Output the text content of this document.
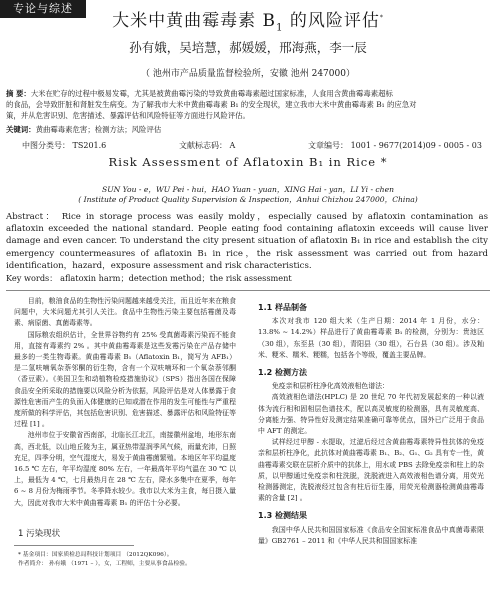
专论与综述
大米中黄曲霉毒素 $B_1$ 的风险评估*
孙有娥，吴培慧，郝媛媛，邢海燕，李一辰
（ 池州市产品质量监督检验所，安徽 池州 247000）
摘 要：大米在贮存的过程中极易发霉，尤其是被黄曲霉污染的导致黄曲霉毒素超过国家标准，人食用含黄曲霉毒素超标
的食品，会导致肝脏和肾脏发生病变。为了解我市大米中黄曲霉毒素 B₁ 的安全现状，建立我市大米中黄曲霉毒素 B₁ 的应急对
策，并从危害识别、危害描述、暴露评估和风险特征等方面进行风险评估。
关键词：黄曲霉毒素危害；检测方法；风险评估
中图分类号： TS201.6	文献标志码： A	文章编号： 1001 - 9677(2014)09 - 0005 - 03
Risk Assessment of Aflatoxin B₁ in Rice *
SUN You - e，WU Pei - hui，HAO Yuan - yuan，XING Hai - yan，LI Yi - chen
( Institute of Product Quality Supervision & Inspection，Anhui Chizhou 247000，China)
Abstract： Rice in storage process was easily moldy，especially caused by aflatoxin contamination as aflatoxin exceeded the national standard. People eating food containing aflatoxin exceeds will cause liver damage and even cancer. To understand the city present situation of aflatoxin B₁ in rice and establish the city emergency countermeasures of aflatoxin B₁ in rice，the risk assessment was carried out from hazard identification，hazard，exposure assessment and risk characteristics.
Key words： aflatoxin harm；detection method；the risk assessment
目前，粮油食品的生物性污染问题越来越受关注，而且近年来在粮食问题中，大米问题尤其引人关注。食品中生物性污染主要包括霉菌及毒素、病原菌、真菌毒素等。
国际粮农组织估计，全世界谷物约有 25% 受真菌毒素污染而不能食用，直接有毒素约 2% 。其中黄曲霉毒素是这些发霉污染在产品存储中最多的一类生物毒素。黄曲霉毒素 B₁（Aflatoxin B₁，简写为 AFB₁）是二氢呋喃氧杂萘邻酮的衍生物，含有一个双呋喃环和一个氧杂萘邻酮（香豆素）。《美国卫生和动植物检疫措施协议》（SPS）指出各国在保障食品安全所采取的措施要以风险分析为依据，风险评估是对人体暴露于食源性危害而产生的负面人体健康的已知或潜在作用的发生可能性与严重程度所做的科学评估，其包括危害识别、危害描述、暴露评估和风险特征等过程 [1] 。
池州市位于安徽省西南部，北临长江北江，南接徽州盆地，地形东南高，西北低，以山地丘陵为主，属亚热带湿润季风气候，雨量充沛，日照充足，四季分明，空气湿度大，易发于黄曲霉菌繁殖。本地区年平均温度 16.5 ℃ 左右，年平均湿度 80% 左右，一年最高年平均气温在 30 ℃ 以上，最低为 4 ℃，七月最热月在 28 ℃ 左右，降水多集中在夏季，每年 6 ~ 8 月份为梅雨季节。冬季降水较少。我市以大米为主食，每日摄入量大，因此对我市大米中黄曲霉毒素 B₁ 的评估十分必要。
1 污染现状
* 基金项目：国家质检总局科技计划项目 （2012QK096）。
作者简介： 孙有娥 （1971 – ），女，工程师，主要从事食品检验。
1.1 样品制备
本次对我市 120 组大米（生产日期：2014 年 1 月份，水分：13.8% ~ 14.2%）样品进行了黄曲霉毒素 B₁ 的检测，分别为：贵池区（30 组），东至县（30 组），青阳县（30 组），石台县（30 组）。涉及籼米、粳米、糯米、粳糯，包括各个等级，覆盖主要品牌。
1.2 检测方法
免疫亲和层析柱净化高效液相色谱法：
高效液相色谱法(HPLC) 是 20 世纪 70 年代初发展起来的一种以液体为流行相和固相层色谱技术，配以高灵敏度的检测器，具有灵敏度高、分离能力强、特异性好及测定结果准确可靠等优点，国外已广泛用于食品中 AFT 的测定。
试样经过甲醇 - 水提取，过滤后经过含黄曲霉毒素特异性抗体的免疫亲和层析柱净化，此抗体对黄曲霉毒素 B₁、B₂、G₁、G₂ 具有专一性，黄曲霉毒素交联在层析介质中的抗体上，用水或 PBS 去除免疫亲和柱上的杂质，以甲醇通过免疫亲和柱洗脱，洗脱液进入高效液相色谱分离，用荧光检测器测定，洗脱液经过包含有柱后衍生器，用荧光检测器检测黄曲霉毒素的含量 [2] 。
1.3 检测结果
我国中华人民共和国国家标准《食品安全国家标准食品中真菌毒素限量》GB2761 – 2011 和《中华人民共和国国家标准
